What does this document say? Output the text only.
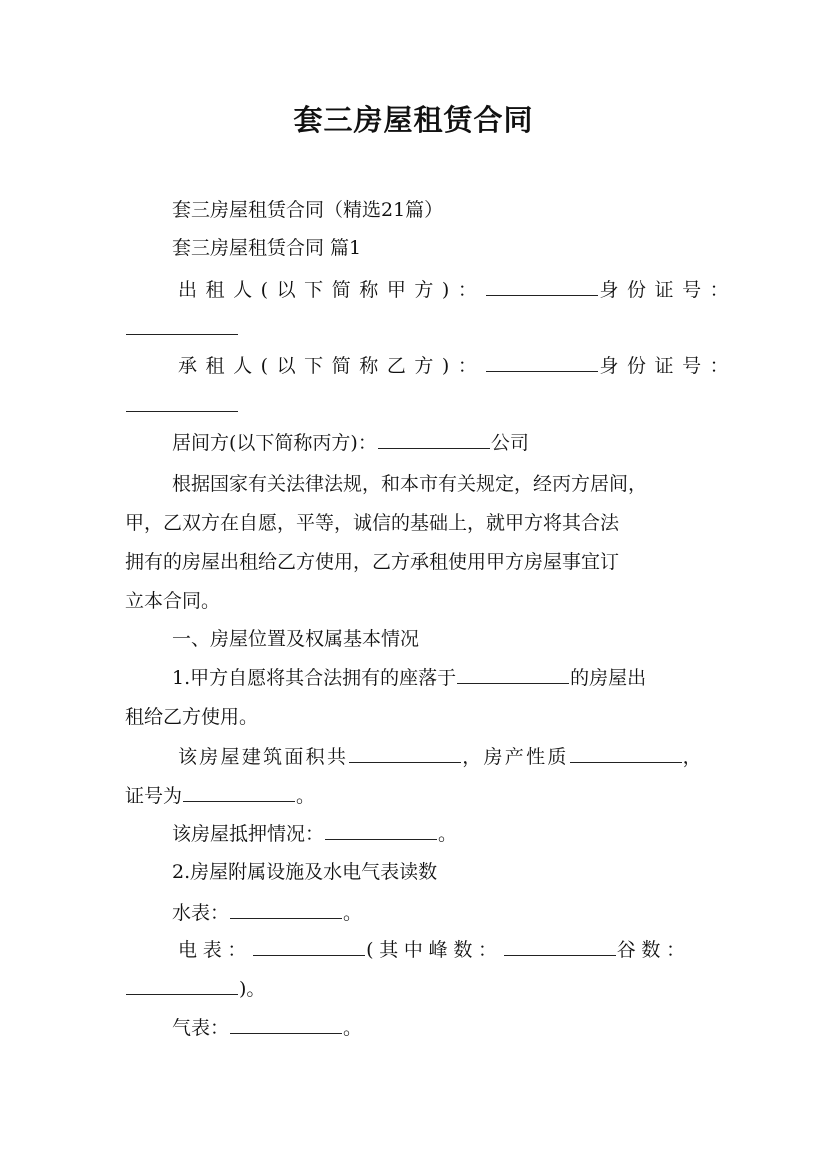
套三房屋租赁合同
套三房屋租赁合同（精选21篇）
套三房屋租赁合同 篇1
出租人(以下简称甲方)：	身份证号：
承租人(以下简称乙方)：	身份证号：
居间方(以下简称丙方)：	公司
根据国家有关法律法规，和本市有关规定，经丙方居间，
甲，乙双方在自愿，平等，诚信的基础上，就甲方将其合法
拥有的房屋出租给乙方使用，乙方承租使用甲方房屋事宜订
立本合同。
一、房屋位置及权属基本情况
1.甲方自愿将其合法拥有的座落于	的房屋出
租给乙方使用。
该房屋建筑面积共	，房产性质	，
证号为	。
该房屋抵押情况：	。
2.房屋附属设施及水电气表读数
水表：	。
电表：	(其中峰数：	谷数：
)。
气表：	。
